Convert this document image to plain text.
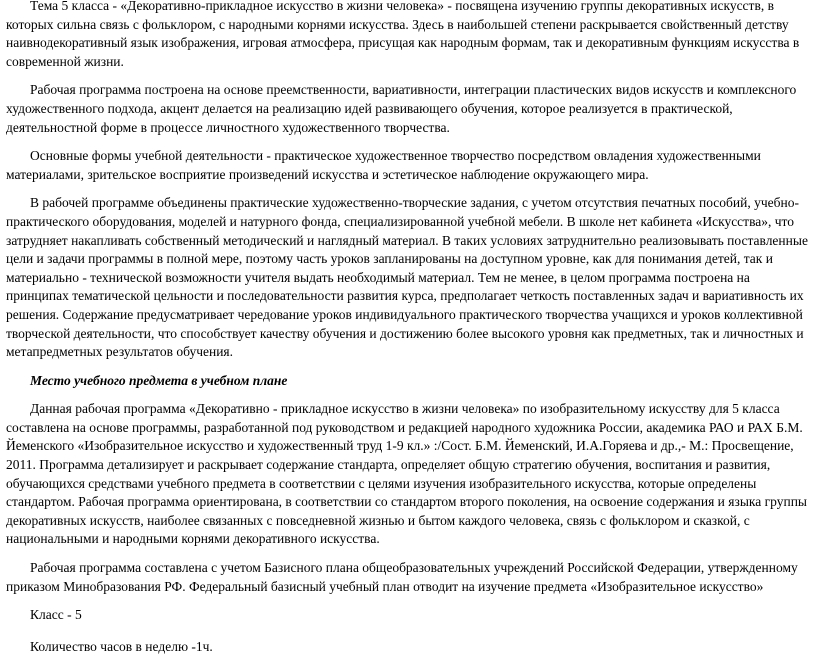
Тема 5 класса - «Декоративно-прикладное искусство в жизни человека» - посвящена изучению группы декоративных искусств, в которых сильна связь с фольклором, с народными корнями искусства. Здесь в наибольшей степени раскрывается свойственный детству наивнодекоративный язык изображения, игровая атмосфера, присущая как народным формам, так и декоративным функциям искусства в современной жизни.

Рабочая программа построена на основе преемственности, вариативности, интеграции пластических видов искусств и комплексного художественного подхода, акцент делается на реализацию идей развивающего обучения, которое реализуется в практической, деятельностной форме в процессе личностного художественного творчества.

Основные формы учебной деятельности - практическое художественное творчество посредством овладения художественными материалами, зрительское восприятие произведений искусства и эстетическое наблюдение окружающего мира.

В рабочей программе объединены практические художественно-творческие задания, с учетом отсутствия печатных пособий, учебно-практического оборудования, моделей и натурного фонда, специализированной учебной мебели. В школе нет кабинета «Искусства», что затрудняет накапливать собственный методический и наглядный материал. В таких условиях затруднительно реализовывать поставленные цели и задачи программы в полной мере, поэтому часть уроков запланированы на доступном уровне, как для понимания детей, так и материально - технической возможности учителя выдать необходимый материал. Тем не менее, в целом программа построена на принципах тематической цельности и последовательности развития курса, предполагает четкость поставленных задач и вариативность их решения. Содержание предусматривает чередование уроков индивидуального практического творчества учащихся и уроков коллективной творческой деятельности, что способствует качеству обучения и достижению более высокого уровня как предметных, так и личностных и метапредметных результатов обучения.

Место учебного предмета в учебном плане

Данная рабочая программа «Декоративно - прикладное искусство в жизни человека» по изобразительному искусству для 5 класса составлена на основе программы, разработанной под руководством и редакцией народного художника России, академика РАО и РАХ Б.М. Йеменского «Изобразительное искусство и художественный труд 1-9 кл.» :/Сост. Б.М. Йеменский, И.А.Горяева и др.,- М.: Просвещение, 2011. Программа детализирует и раскрывает содержание стандарта, определяет общую стратегию обучения, воспитания и развития, обучающихся средствами учебного предмета в соответствии с целями изучения изобразительного искусства, которые определены стандартом. Рабочая программа ориентирована, в соответствии со стандартом второго поколения, на освоение содержания и языка группы декоративных искусств, наиболее связанных с повседневной жизнью и бытом каждого человека, связь с фольклором и сказкой, с национальными и народными корнями декоративного искусства.

Рабочая программа составлена с учетом Базисного плана общеобразовательных учреждений Российской Федерации, утвержденному приказом Минобразования РФ. Федеральный базисный учебный план отводит на изучение предмета «Изобразительное искусство»

Класс - 5

Количество часов в неделю -1ч.
